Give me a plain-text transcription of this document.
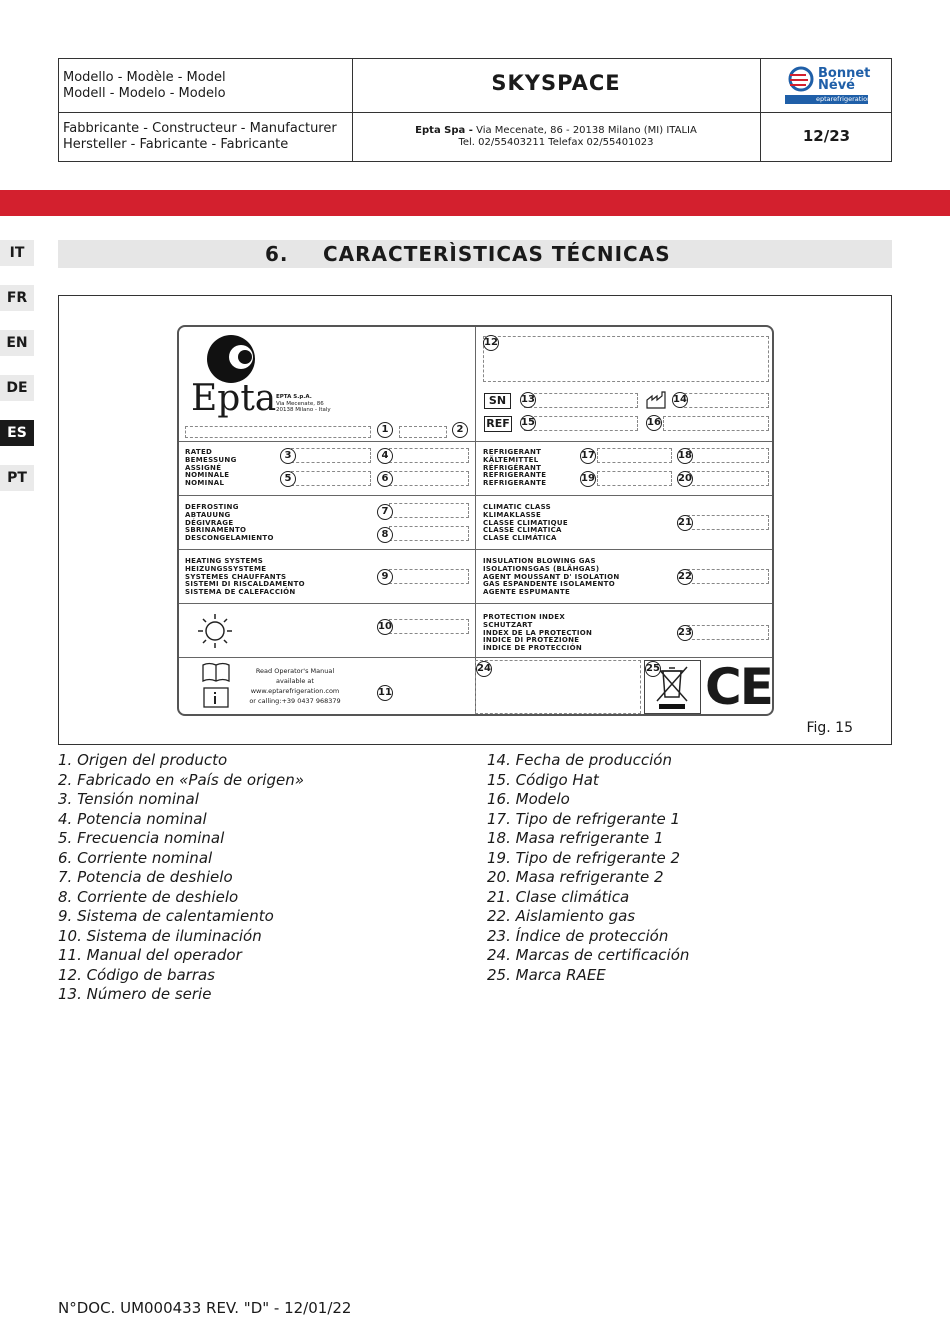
Modello - Modèle - Model
Modell - Modelo - Modelo	SKYSPACE	Bonnet
Névé
eptarefrigeration
Fabbricante - Constructeur - Manufacturer
Hersteller - Fabricante - Fabricante
Epta Spa - Via Mecenate, 86 - 20138 Milano (MI) ITALIA
Tel. 02/55403211 Telefax 02/55401023	12/23
IT
FR
EN
DE
ES
PT
6. CARACTERÌSTICAS TÉCNICAS
Fig. 15
Epta EPTA S.p.A.
Via Mecenate, 86
20138 Milano - Italy
SN
REF
RATED
BEMESSUNG
ASSIGNÉ
NOMINALE
NOMINAL
REFRIGERANT
KÄLTEMITTEL
RÉFRIGÉRANT
REFRIGERANTE
REFRIGERANTE
DEFROSTING
ABTAUUNG
DÉGIVRAGE
SBRINAMENTO
DESCONGELAMIENTO
CLIMATIC CLASS
KLIMAKLASSE
CLASSE CLIMATIQUE
CLASSE CLIMATICA
CLASE CLIMÁTICA
HEATING SYSTEMS
HEIZUNGSSYSTEME
SYSTEMES CHAUFFANTS
SISTEMI DI RISCALDAMENTO
SISTEMA DE CALEFACCIÓN
INSULATION BLOWING GAS
ISOLATIONSGAS (BLÄHGAS)
AGENT MOUSSANT D' ISOLATION
GAS ESPANDENTE ISOLAMENTO
AGENTE ESPUMANTE
PROTECTION INDEX
SCHUTZART
INDEX DE LA PROTECTION
INDICE DI PROTEZIONE
ÍNDICE DE PROTECCIÓN
Read Operator's Manual
available at
www.eptarefrigeration.com
or calling:+39 0437 968379	CE
1	2
3	4
5	6
7
8
9
10
11
12
13	14
15	16
17	18
19	20
21
22
23
24	25
1. Origen del producto
2. Fabricado en «País de origen»
3. Tensión nominal
4. Potencia nominal
5. Frecuencia nominal
6. Corriente nominal
7. Potencia de deshielo
8. Corriente de deshielo
9. Sistema de calentamiento
10. Sistema de iluminación
11. Manual del operador
12. Código de barras
13. Número de serie
14. Fecha de producción
15. Código Hat
16. Modelo
17. Tipo de refrigerante 1
18. Masa refrigerante 1
19. Tipo de refrigerante 2
20. Masa refrigerante 2
21. Clase climática
22. Aislamiento gas
23. Índice de protección
24. Marcas de certificación
25. Marca RAEE
N°DOC. UM000433 REV. "D" - 12/01/22
